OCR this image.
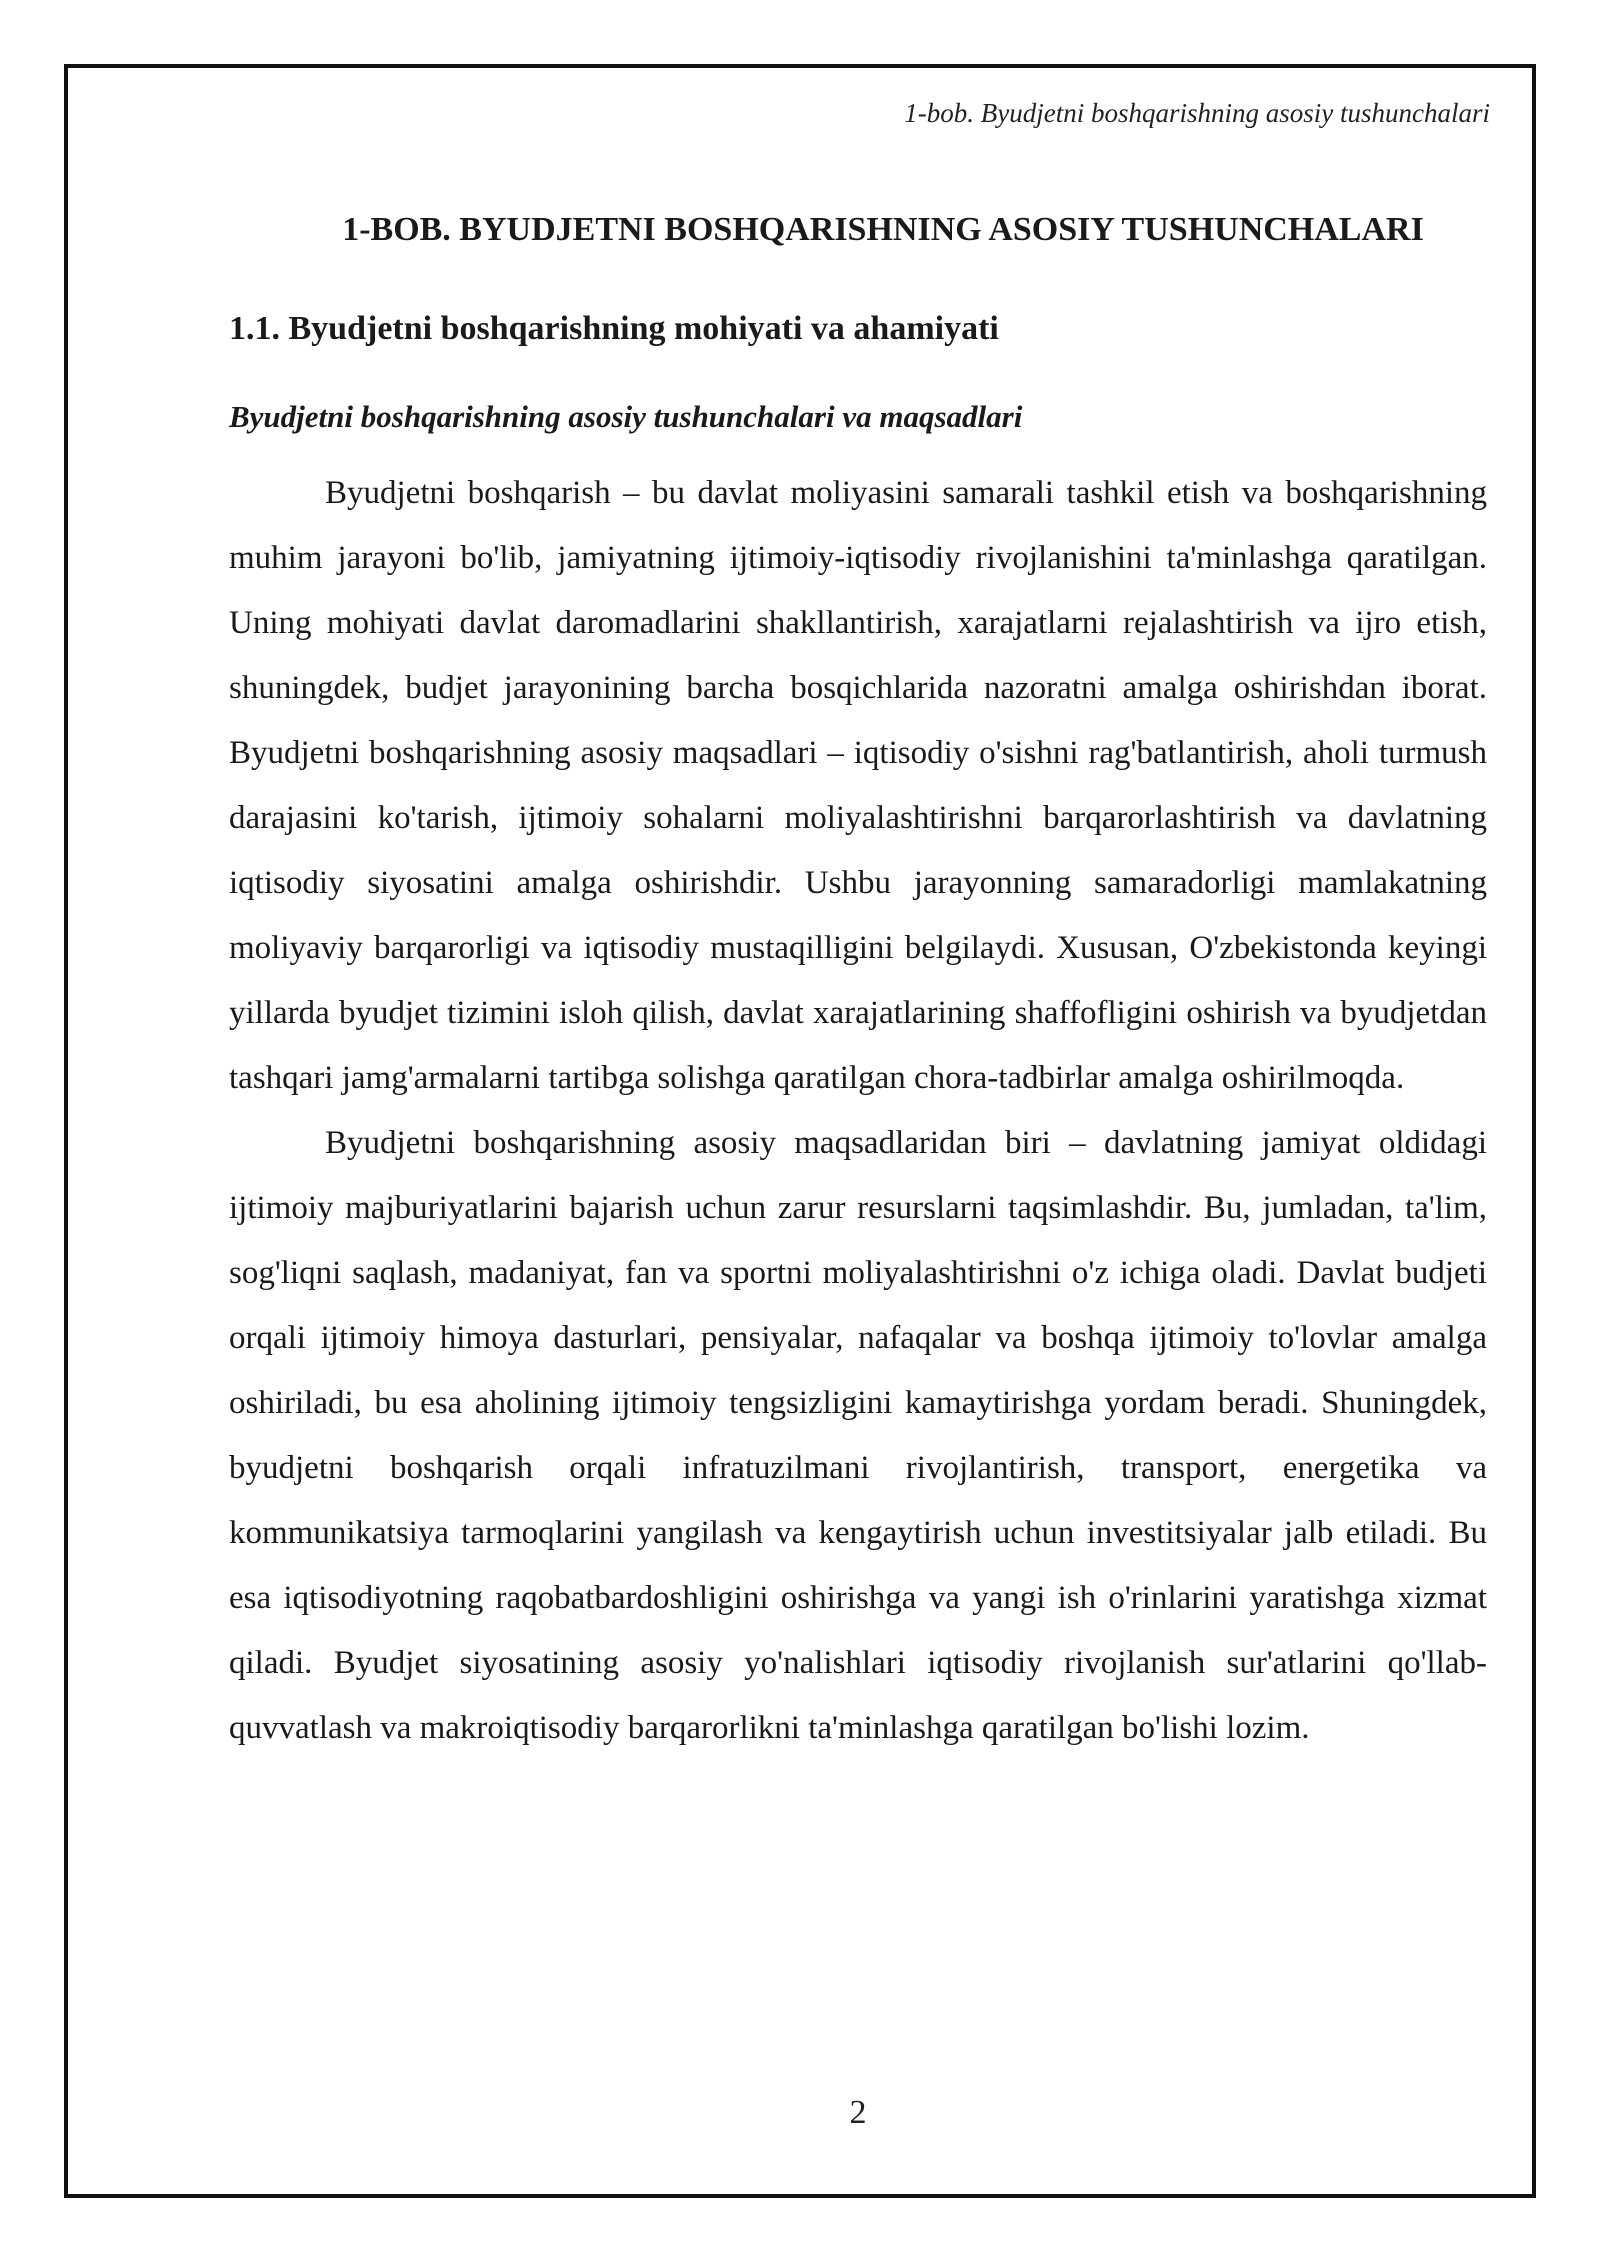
1-bob. Byudjetni boshqarishning asosiy tushunchalari
1-BOB. BYUDJETNI BOSHQARISHNING ASOSIY TUSHUNCHALARI
1.1. Byudjetni boshqarishning mohiyati va ahamiyati
Byudjetni boshqarishning asosiy tushunchalari va maqsadlari

Byudjetni boshqarish – bu davlat moliyasini samarali tashkil etish va boshqarishning muhim jarayoni bo'lib, jamiyatning ijtimoiy-iqtisodiy rivojlanishini ta'minlashga qaratilgan. Uning mohiyati davlat daromadlarini shakllantirish, xarajatlarni rejalashtirish va ijro etish, shuningdek, budjet jarayonining barcha bosqichlarida nazoratni amalga oshirishdan iborat. Byudjetni boshqarishning asosiy maqsadlari – iqtisodiy o'sishni rag'batlantirish, aholi turmush darajasini ko'tarish, ijtimoiy sohalarni moliyalashtirishni barqarorlashtirish va davlatning iqtisodiy siyosatini amalga oshirishdir. Ushbu jarayonning samaradorligi mamlakatning moliyaviy barqarorligi va iqtisodiy mustaqilligini belgilaydi. Xususan, O'zbekistonda keyingi yillarda byudjet tizimini isloh qilish, davlat xarajatlarining shaffofligini oshirish va byudjetdan tashqari jamg'armalarni tartibga solishga qaratilgan chora-tadbirlar amalga oshirilmoqda.

Byudjetni boshqarishning asosiy maqsadlaridan biri – davlatning jamiyat oldidagi ijtimoiy majburiyatlarini bajarish uchun zarur resurslarni taqsimlashdir. Bu, jumladan, ta'lim, sog'liqni saqlash, madaniyat, fan va sportni moliyalashtirishni o'z ichiga oladi. Davlat budjeti orqali ijtimoiy himoya dasturlari, pensiyalar, nafaqalar va boshqa ijtimoiy to'lovlar amalga oshiriladi, bu esa aholining ijtimoiy tengsizligini kamaytirishga yordam beradi. Shuningdek, byudjetni boshqarish orqali infratuzilmani rivojlantirish, transport, energetika va kommunikatsiya tarmoqlarini yangilash va kengaytirish uchun investitsiyalar jalb etiladi. Bu esa iqtisodiyotning raqobatbardoshligini oshirishga va yangi ish o'rinlarini yaratishga xizmat qiladi. Byudjet siyosatining asosiy yo'nalishlari iqtisodiy rivojlanish sur'atlarini qo'llab-quvvatlash va makroiqtisodiy barqarorlikni ta'minlashga qaratilgan bo'lishi lozim.

2
